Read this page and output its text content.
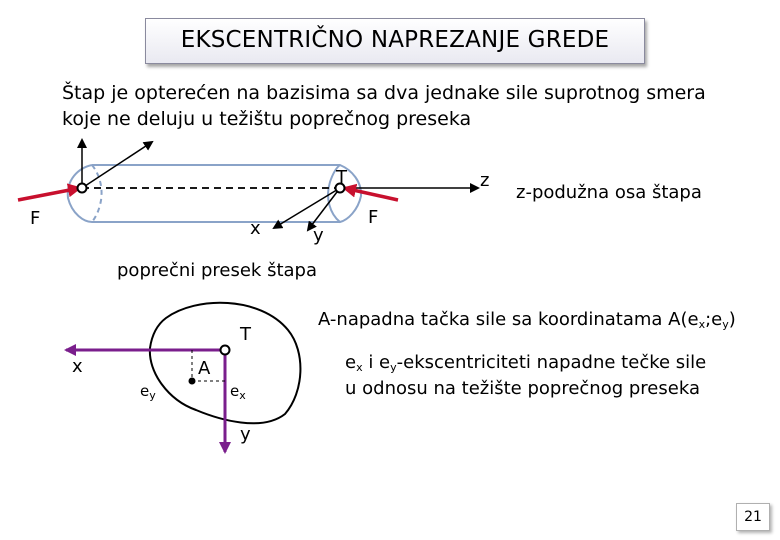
EKSCENTRIČNO NAPREZANJE GREDE
Štap je opterećen na bazisima sa dva jednake sile suprotnog smera
koje ne deluju u težištu poprečnog preseka
T	z
F	F
x	y
z-podužna osa štapa
poprečni presek štapa
T
A
x
y
$e_y$	$e_x$
A-napadna tačka sile sa koordinatama $A(e_x;e_y)$
$e_x$ i $e_y$-ekscentriciteti napadne tečke sile
u odnosu na težište poprečnog preseka
21
